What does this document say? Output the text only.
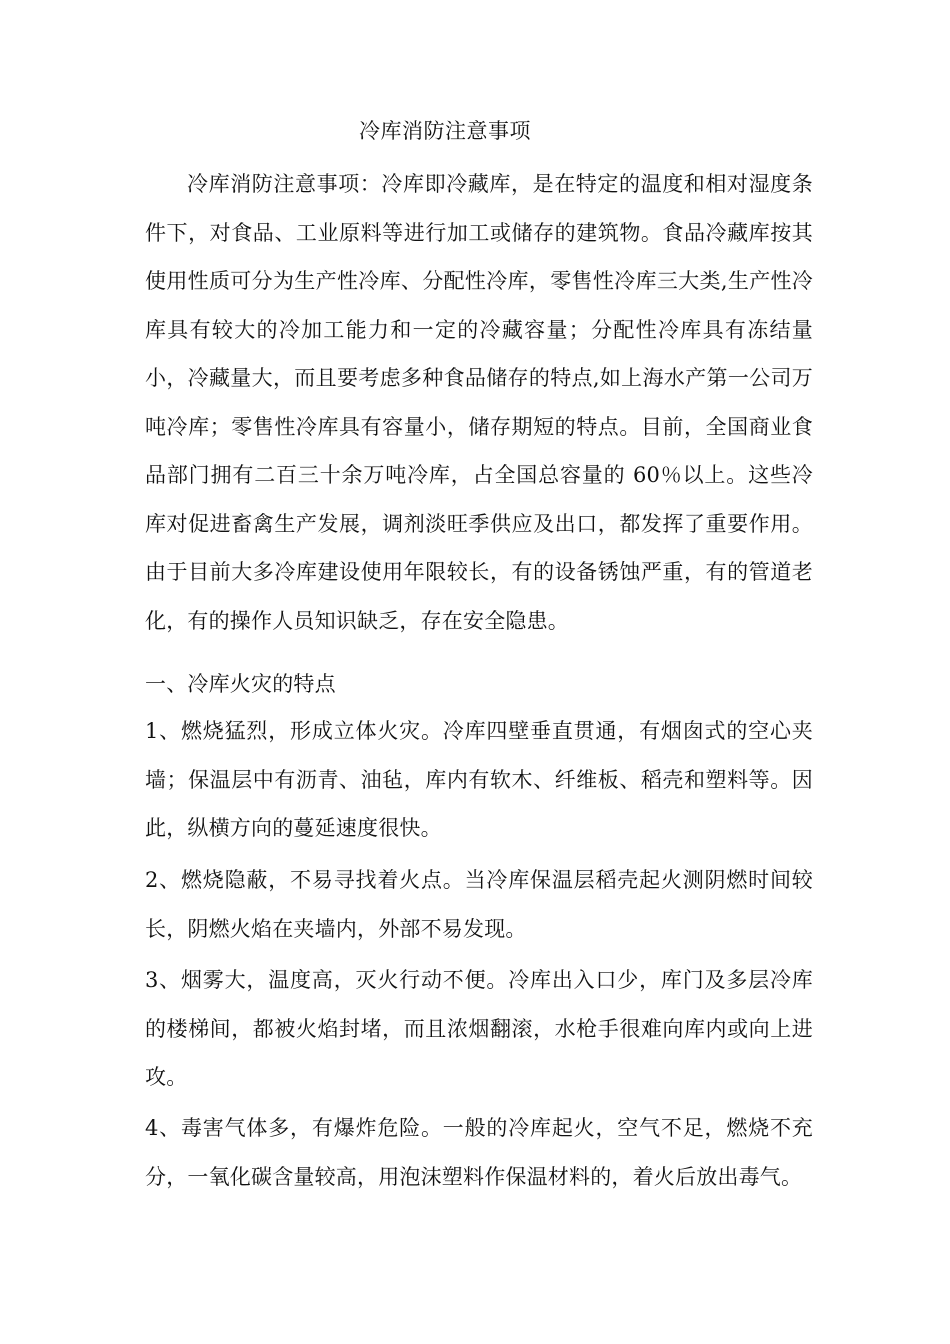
冷库消防注意事项

冷库消防注意事项：冷库即冷藏库，是在特定的温度和相对湿度条件下，对食品、工业原料等进行加工或储存的建筑物。食品冷藏库按其使用性质可分为生产性冷库、分配性冷库，零售性冷库三大类,生产性冷库具有较大的冷加工能力和一定的冷藏容量；分配性冷库具有冻结量小，冷藏量大，而且要考虑多种食品储存的特点,如上海水产第一公司万吨冷库；零售性冷库具有容量小，储存期短的特点。目前，全国商业食品部门拥有二百三十余万吨冷库，占全国总容量的 60％以上。这些冷库对促进畜禽生产发展，调剂淡旺季供应及出口，都发挥了重要作用。由于目前大多冷库建设使用年限较长，有的设备锈蚀严重，有的管道老化，有的操作人员知识缺乏，存在安全隐患。

一、冷库火灾的特点

1、燃烧猛烈，形成立体火灾。冷库四壁垂直贯通，有烟囱式的空心夹墙；保温层中有沥青、油毡，库内有软木、纤维板、稻壳和塑料等。因此，纵横方向的蔓延速度很快。

2、燃烧隐蔽，不易寻找着火点。当冷库保温层稻壳起火测阴燃时间较长，阴燃火焰在夹墙内，外部不易发现。

3、烟雾大，温度高，灭火行动不便。冷库出入口少，库门及多层冷库的楼梯间，都被火焰封堵，而且浓烟翻滚，水枪手很难向库内或向上进攻。

4、毒害气体多，有爆炸危险。一般的冷库起火，空气不足，燃烧不充分，一氧化碳含量较高，用泡沫塑料作保温材料的，着火后放出毒气。
